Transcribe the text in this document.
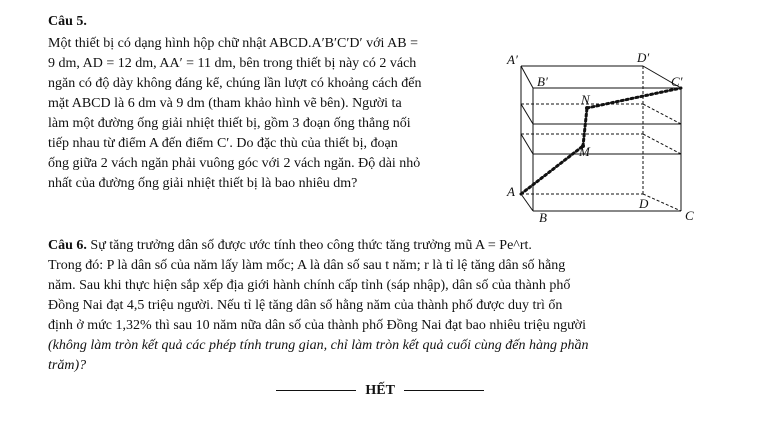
Câu 5.
Một thiết bị có dạng hình hộp chữ nhật ABCD.A′B′C′D′ với AB =
9 dm, AD = 12 dm, AA′ = 11 dm, bên trong thiết bị này có 2 vách
ngăn có độ dày không đáng kể, chúng lần lượt có khoảng cách đến
mặt ABCD là 6 dm và 9 dm (tham khảo hình vẽ bên). Người ta
làm một đường ống giải nhiệt thiết bị, gồm 3 đoạn ống thẳng nối
tiếp nhau từ điểm A đến điểm C′. Do đặc thù của thiết bị, đoạn
ống giữa 2 vách ngăn phải vuông góc với 2 vách ngăn. Độ dài nhỏ
nhất của đường ống giải nhiệt thiết bị là bao nhiêu dm?
A′	D′
B′	C′
N
M
A
D
B	C
Câu 6. Sự tăng trưởng dân số được ước tính theo công thức tăng trưởng mũ A = Pe^rt.
Trong đó: P là dân số của năm lấy làm mốc; A là dân số sau t năm; r là tỉ lệ tăng dân số hằng
năm. Sau khi thực hiện sắp xếp địa giới hành chính cấp tỉnh (sáp nhập), dân số của thành phố
Đồng Nai đạt 4,5 triệu người. Nếu tỉ lệ tăng dân số hằng năm của thành phố được duy trì ổn
định ở mức 1,32% thì sau 10 năm nữa dân số của thành phố Đồng Nai đạt bao nhiêu triệu người
(không làm tròn kết quả các phép tính trung gian, chỉ làm tròn kết quả cuối cùng đến hàng phần
trăm)?
HẾT
